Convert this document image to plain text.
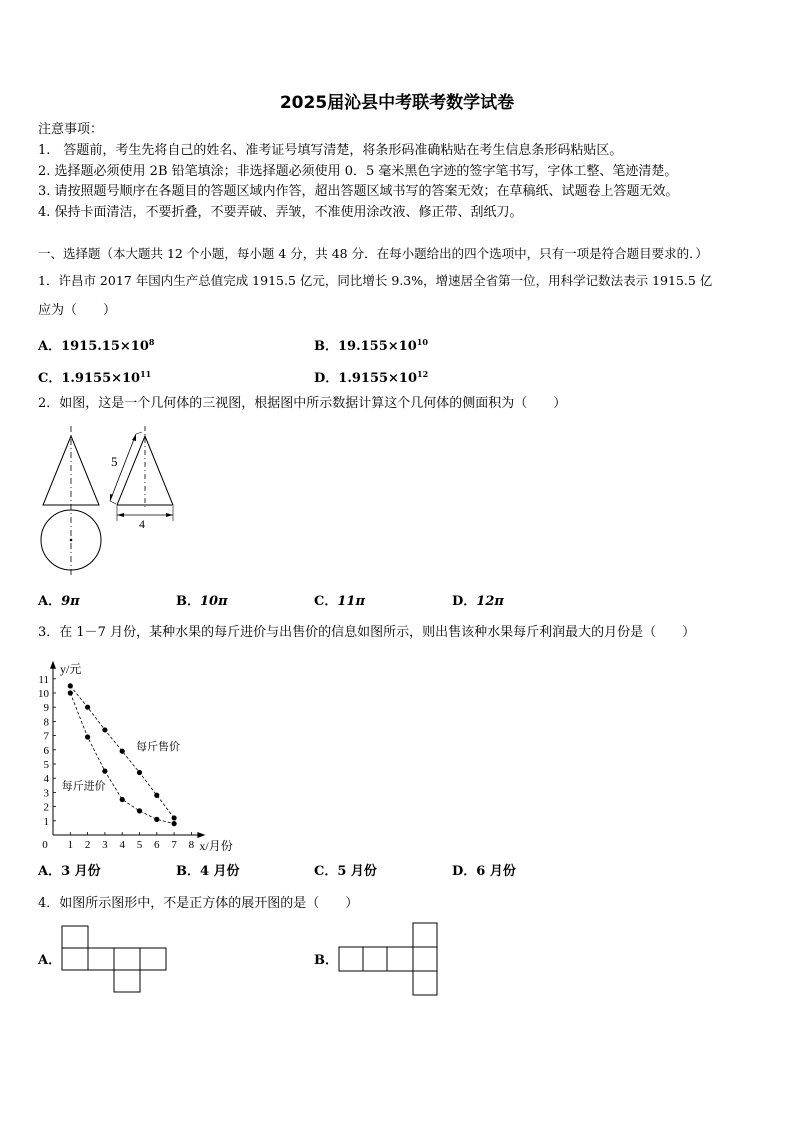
2025届沁县中考联考数学试卷
注意事项：
1.　答题前，考生先将自己的姓名、准考证号填写清楚，将条形码准确粘贴在考生信息条形码粘贴区。
2. 选择题必须使用 2B 铅笔填涂；非选择题必须使用 0．5 毫米黑色字迹的签字笔书写，字体工整、笔迹清楚。
3. 请按照题号顺序在各题目的答题区域内作答，超出答题区域书写的答案无效；在草稿纸、试题卷上答题无效。
4. 保持卡面清洁，不要折叠，不要弄破、弄皱，不准使用涂改液、修正带、刮纸刀。
一、选择题（本大题共 12 个小题，每小题 4 分，共 48 分．在每小题给出的四个选项中，只有一项是符合题目要求的．）
1．许昌市 2017 年国内生产总值完成 1915.5 亿元，同比增长 9.3%，增速居全省第一位，用科学记数法表示 1915.5 亿
应为（　　）
A．$1915.15\times 10^8$	B．$19.155\times 10^{10}$
C．$1.9155\times 10^{11}$	D．$1.9155\times 10^{12}$
2．如图，这是一个几何体的三视图，根据图中所示数据计算这个几何体的侧面积为（　　）
5
4
A．9π	B．10π	C．11π	D．12π
3．在 1－7 月份，某种水果的每斤进价与出售价的信息如图所示，则出售该种水果每斤利润最大的月份是（　　）
0 1 2 3 4 5 6 7 8
1
2
3
4
5
6
7
8
9
10
11
y/元
x/月份
每斤售价
每斤进价
A．3 月份	B．4 月份	C．5 月份	D．6 月份
4．如图所示图形中，不是正方体的展开图的是（　　）
A．	B．
